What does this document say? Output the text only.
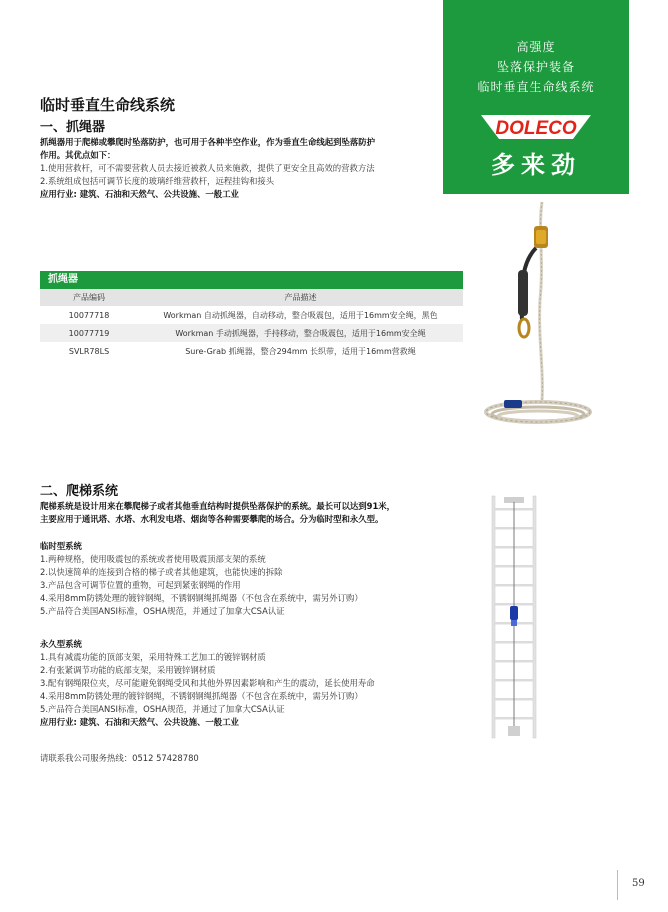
高强度
坠落保护装备
临时垂直生命线系统
DOLECO
多来劲
临时垂直生命线系统
一、抓绳器
抓绳器用于爬梯或攀爬时坠落防护，也可用于各种半空作业，作为垂直生命线起到坠落防护
作用。其优点如下：
1.使用营救杆，可不需要营救人员去接近被救人员来施救，提供了更安全且高效的营救方法
2.系统组成包括可调节长度的玻璃纤维营救杆，远程挂钩和接头
应用行业: 建筑、石油和天然气、公共设施、一般工业
抓绳器
产品编码	产品描述
10077718	Workman 自动抓绳器，自动移动，整合吸震包，适用于16mm安全绳，黑色
10077719	Workman 手动抓绳器，手持移动，整合吸震包，适用于16mm安全绳
SVLR78LS	Sure-Grab 抓绳器，整合294mm 长织带，适用于16mm营救绳
二、爬梯系统
爬梯系统是设计用来在攀爬梯子或者其他垂直结构时提供坠落保护的系统。最长可以达到91米，
主要应用于通讯塔、水塔、水利发电塔、烟囱等各种需要攀爬的场合。分为临时型和永久型。
临时型系统
1.两种规格，使用吸震包的系统或者使用吸震顶部支架的系统
2.以快速简单的连接到合格的梯子或者其他建筑，也能快速的拆除
3.产品包含可调节位置的重物，可起到紧张钢绳的作用
4.采用8mm防锈处理的镀锌钢绳，不锈钢钢绳抓绳器（不包含在系统中，需另外订购）
5.产品符合美国ANSI标准，OSHA规范，并通过了加拿大CSA认证
永久型系统
1.具有减震功能的顶部支架，采用特殊工艺加工的镀锌钢材质
2.有张紧调节功能的底部支架，采用镀锌钢材质
3.配有钢绳限位夹，尽可能避免钢绳受风和其他外界因素影响和产生的震动，延长使用寿命
4.采用8mm防锈处理的镀锌钢绳，不锈钢钢绳抓绳器（不包含在系统中，需另外订购）
5.产品符合美国ANSI标准，OSHA规范，并通过了加拿大CSA认证
应用行业: 建筑、石油和天然气、公共设施、一般工业
请联系我公司服务热线：0512 57428780
59
